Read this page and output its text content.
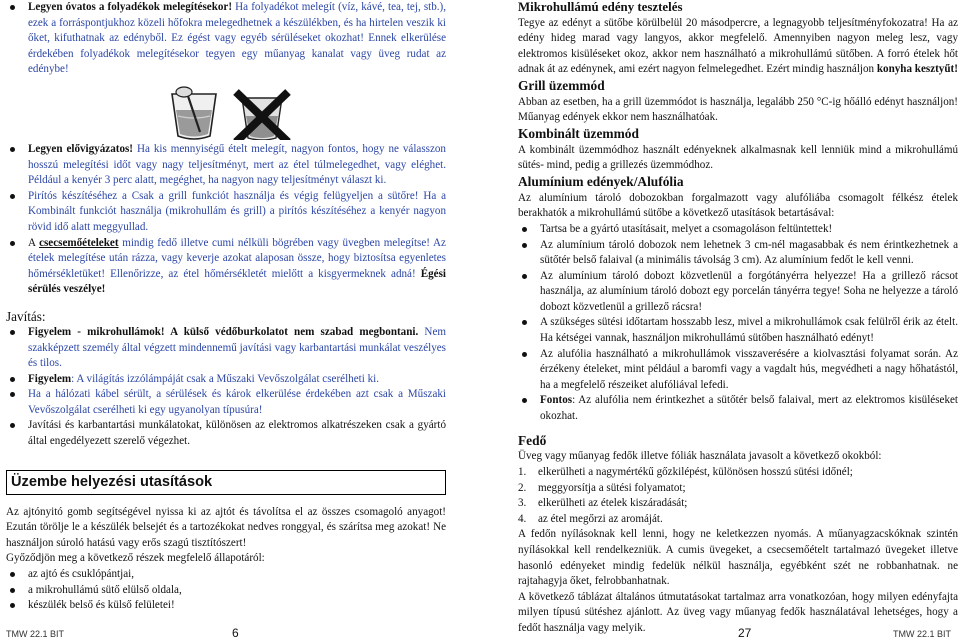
Legyen óvatos a folyadékok melegítésekor! Ha folyadékot melegít (víz, kávé, tea, tej, stb.), ezek a forráspontjukhoz közeli hőfokra melegedhetnek a készülékben, és ha hirtelen veszik ki őket, kifuthatnak az edényből. Ez égést vagy egyéb sérüléseket okozhat! Ennek elkerülése érdekében folyadékok melegítésekor tegyen egy műanyag kanalat vagy üveg rudat az edénybe!
Legyen elővigyázatos! Ha kis mennyiségű ételt melegít, nagyon fontos, hogy ne válasszon hosszú melegítési időt vagy nagy teljesítményt, mert az étel túlmelegedhet, vagy eléghet. Például a kenyér 3 perc alatt, megéghet, ha nagyon nagy teljesítményt választ ki.
Pirítós készítéséhez a Csak a grill funkciót használja és végig felügyeljen a sütőre! Ha a Kombinált funkciót használja (mikrohullám és grill) a pirítós készítéséhez a kenyér nagyon rövid idő alatt meggyullad.
A csecsemőételeket mindig fedő illetve cumi nélküli bögrében vagy üvegben melegítse! Az ételek melegítése után rázza, vagy keverje azokat alaposan össze, hogy biztosítsa egyenletes hőmérsékletüket! Ellenőrizze, az étel hőmérsékletét mielőtt a kisgyermeknek adná! Égési sérülés veszélye!

Javítás:

Figyelem - mikrohullámok! A külső védőburkolatot nem szabad megbontani. Nem szakképzett személy által végzett mindennemű javítási vagy karbantartási munkálat veszélyes és tilos.
Figyelem: A világítás izzólámpáját csak a Műszaki Vevőszolgálat cserélheti ki.
Ha a hálózati kábel sérült, a sérülések és károk elkerülése érdekében azt csak a Műszaki Vevőszolgálat cserélheti ki egy ugyanolyan típusúra!
Javítási és karbantartási munkálatokat, különösen az elektromos alkatrészeken csak a gyártó által engedélyezett szerelő végezhet.
Üzembe helyezési utasítások

Az ajtónyitó gomb segítségével nyissa ki az ajtót és távolítsa el az összes csomagoló anyagot! Ezután törölje le a készülék belsejét és a tartozékokat nedves ronggyal, és szárítsa meg azokat! Ne használjon súroló hatású vagy erős szagú tisztítószert!

Győződjön meg a következő részek megfelelő állapotáról:

az ajtó és csuklópántjai,
a mikrohullámú sütő elülső oldala,
készülék belső és külső felületei!
TMW 22.1 BIT	6

Mikrohullámú edény tesztelés

Tegye az edényt a sütőbe körülbelül 20 másodpercre, a legnagyobb teljesítményfokozatra! Ha az edény hideg marad vagy langyos, akkor megfelelő. Amennyiben nagyon meleg lesz, vagy elektromos kisüléseket okoz, akkor nem használható a mikrohullámú sütőben. A forró ételek hőt adnak át az edénynek, ami ezért nagyon felmelegedhet. Ezért mindig használjon konyha kesztyűt!

Grill üzemmód

Abban az esetben, ha a grill üzemmódot is használja, legalább 250 °C-ig hőálló edényt használjon! Műanyag edények ekkor nem használhatóak.

Kombinált üzemmód

A kombinált üzemmódhoz használt edényeknek alkalmasnak kell lenniük mind a mikrohullámú sütés- mind, pedig a grillezés üzemmódhoz.

Alumínium edények/Alufólia

Az alumínium tároló dobozokban forgalmazott vagy alufóliába csomagolt félkész ételek berakhatók a mikrohullámú sütőbe a következő utasítások betartásával:

Tartsa be a gyártó utasításait, melyet a csomagoláson feltüntettek!
Az alumínium tároló dobozok nem lehetnek 3 cm-nél magasabbak és nem érintkezhetnek a sütőtér belső falaival (a minimális távolság 3 cm). Az alumínium fedőt le kell venni.
Az alumínium tároló dobozt közvetlenül a forgótányérra helyezze! Ha a grillező rácsot használja, az alumínium tároló dobozt egy porcelán tányérra tegye! Soha ne helyezze a tároló dobozt közvetlenül a grillező rácsra!
A szükséges sütési időtartam hosszabb lesz, mivel a mikrohullámok csak felülről érik az ételt. Ha kétségei vannak, használjon mikrohullámú sütőben használható edényt!
Az alufólia használható a mikrohullámok visszaverésére a kiolvasztási folyamat során. Az érzékeny ételeket, mint például a baromfi vagy a vagdalt hús, megvédheti a nagy hőhatástól, ha a megfelelő részeiket alufóliával lefedi.
Fontos: Az alufólia nem érintkezhet a sütőtér belső falaival, mert az elektromos kisüléseket okozhat.

Fedő

Üveg vagy műanyag fedők illetve fóliák használata javasolt a következő okokból:

1. elkerülheti a nagymértékű gőzkilépést, különösen hosszú sütési időnél;
2. meggyorsítja a sütési folyamatot;
3. elkerülheti az ételek kiszáradását;
4. az étel megőrzi az aromáját.

A fedőn nyílásoknak kell lenni, hogy ne keletkezzen nyomás. A műanyagzacskóknak szintén nyílásokkal kell rendelkezniük. A cumis üvegeket, a csecsemőételt tartalmazó üvegeket illetve hasonló edényeket mindig fedelük nélkül használja, egyébként szét ne robbanhatnak. ne rajtahagyja őket, felrobbanhatnak.

A következő táblázat általános útmutatásokat tartalmaz arra vonatkozóan, hogy milyen edényfajta milyen típusú sütéshez ajánlott. Az üveg vagy műanyag fedők használatával lehetséges, hogy a fedőt használja vagy melyik.	27	TMW 22.1 BIT
